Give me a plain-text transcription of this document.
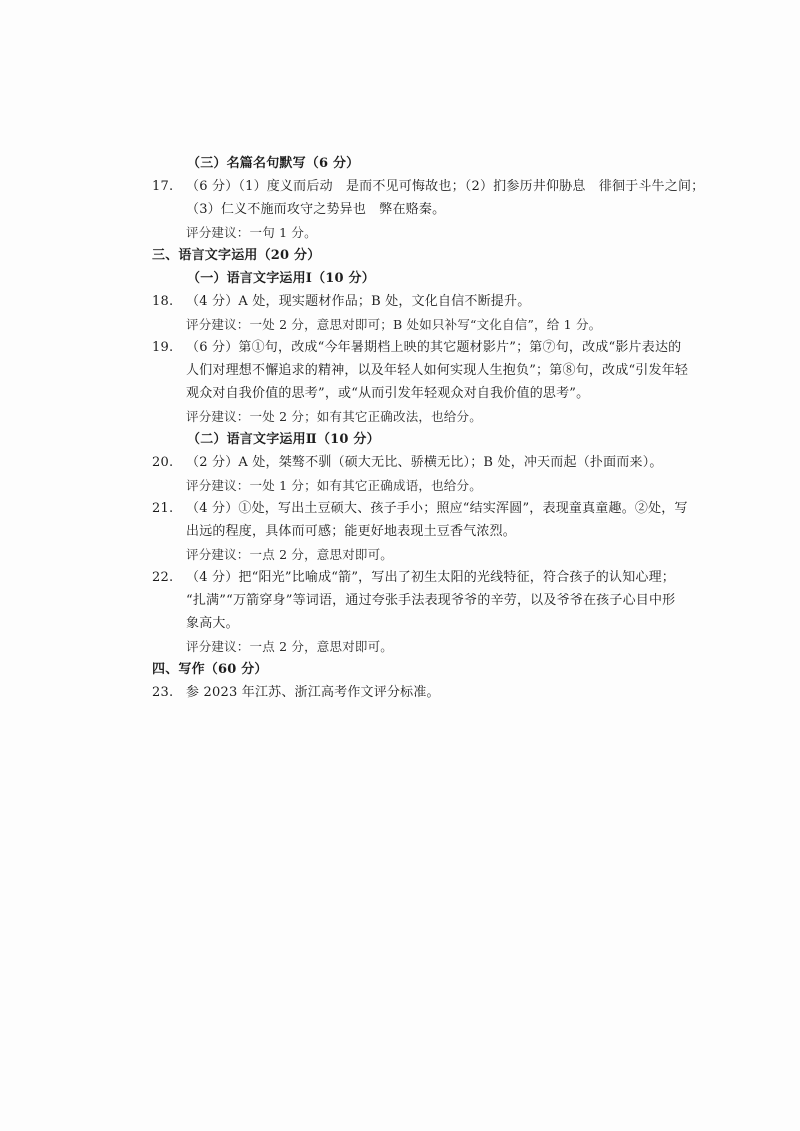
（三）名篇名句默写（6 分）
17. （6 分）（1）度义而后动　是而不见可悔故也；（2）扪参历井仰胁息　徘徊于斗牛之间；
（3）仁义不施而攻守之势异也　弊在赂秦。
评分建议：一句 1 分。
三、语言文字运用（20 分）
（一）语言文字运用Ⅰ（10 分）
18. （4 分）A 处，现实题材作品；B 处，文化自信不断提升。
评分建议：一处 2 分，意思对即可；B 处如只补写“文化自信”，给 1 分。
19. （6 分）第①句，改成“今年暑期档上映的其它题材影片”；第⑦句，改成“影片表达的
人们对理想不懈追求的精神，以及年轻人如何实现人生抱负”；第⑧句，改成“引发年轻
观众对自我价值的思考”，或“从而引发年轻观众对自我价值的思考”。
评分建议：一处 2 分；如有其它正确改法，也给分。
（二）语言文字运用Ⅱ（10 分）
20. （2 分）A 处，桀骜不驯（硕大无比、骄横无比）；B 处，冲天而起（扑面而来）。
评分建议：一处 1 分；如有其它正确成语，也给分。
21. （4 分）①处，写出土豆硕大、孩子手小；照应“结实浑圆”，表现童真童趣。②处，写
出远的程度，具体而可感；能更好地表现土豆香气浓烈。
评分建议：一点 2 分，意思对即可。
22. （4 分）把“阳光”比喻成“箭”，写出了初生太阳的光线特征，符合孩子的认知心理；
“扎满”“万箭穿身”等词语，通过夸张手法表现爷爷的辛劳，以及爷爷在孩子心目中形
象高大。
评分建议：一点 2 分，意思对即可。
四、写作（60 分）
23. 参 2023 年江苏、浙江高考作文评分标准。
